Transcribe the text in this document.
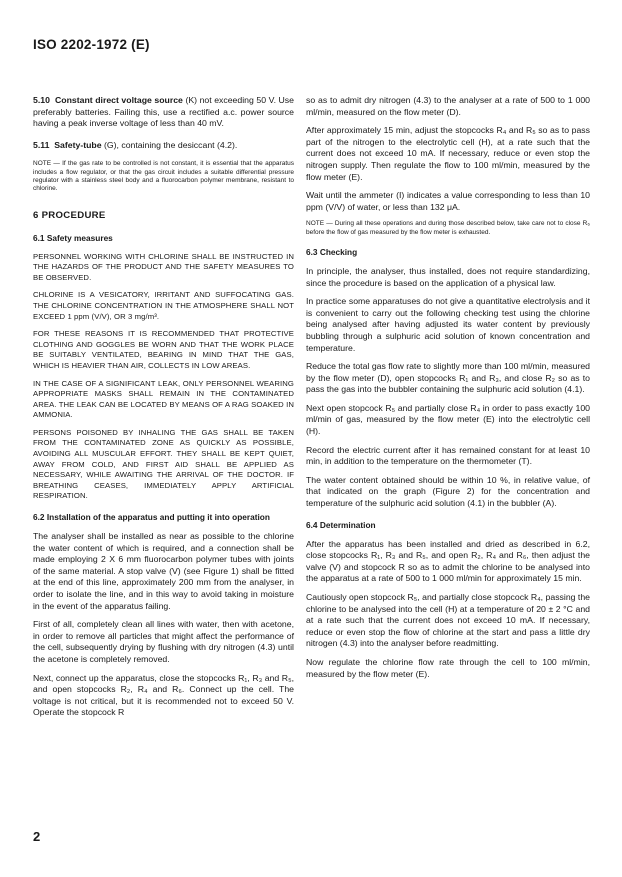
ISO 2202-1972 (E)

5.10 Constant direct voltage source (K) not exceeding 50 V. Use preferably batteries. Failing this, use a rectified a.c. power source having a peak inverse voltage of less than 40 mV.

5.11 Safety-tube (G), containing the desiccant (4.2).

NOTE — If the gas rate to be controlled is not constant, it is essential that the apparatus includes a flow regulator, or that the gas circuit includes a suitable differential pressure regulator with a stainless steel body and a fluorocarbon polymer membrane, resistant to chlorine.

6 PROCEDURE
6.1 Safety measures

PERSONNEL WORKING WITH CHLORINE SHALL BE INSTRUCTED IN THE HAZARDS OF THE PRODUCT AND THE SAFETY MEASURES TO BE OBSERVED.

CHLORINE IS A VESICATORY, IRRITANT AND SUFFOCATING GAS. THE CHLORINE CONCENTRATION IN THE ATMOSPHERE SHALL NOT EXCEED 1 ppm (V/V), OR 3 mg/m³.

FOR THESE REASONS IT IS RECOMMENDED THAT PROTECTIVE CLOTHING AND GOGGLES BE WORN AND THAT THE WORK PLACE BE SUITABLY VENTILATED, BEARING IN MIND THAT THE GAS, WHICH IS HEAVIER THAN AIR, COLLECTS IN LOW AREAS.

IN THE CASE OF A SIGNIFICANT LEAK, ONLY PERSONNEL WEARING APPROPRIATE MASKS SHALL REMAIN IN THE CONTAMINATED AREA. THE LEAK CAN BE LOCATED BY MEANS OF A RAG SOAKED IN AMMONIA.

PERSONS POISONED BY INHALING THE GAS SHALL BE TAKEN FROM THE CONTAMINATED ZONE AS QUICKLY AS POSSIBLE, AVOIDING ALL MUSCULAR EFFORT. THEY SHALL BE KEPT QUIET, AWAY FROM COLD, AND FIRST AID SHALL BE APPLIED AS NECESSARY, WHILE AWAITING THE ARRIVAL OF THE DOCTOR. IF BREATHING CEASES, IMMEDIATELY APPLY ARTIFICIAL RESPIRATION.

6.2 Installation of the apparatus and putting it into operation

The analyser shall be installed as near as possible to the chlorine the water content of which is required, and a connection shall be made employing 2 X 6 mm fluorocarbon polymer tubes with joints of the same material. A stop valve (V) (see Figure 1) shall be fitted at the end of this line, approximately 200 mm from the analyser, in order to isolate the line, and in this way to avoid taking in moisture in the event of the apparatus failing.

First of all, completely clean all lines with water, then with acetone, in order to remove all particles that might affect the performance of the cell, subsequently drying by flushing with dry nitrogen (4.3) until the acetone is completely removed.

Next, connect up the apparatus, close the stopcocks R₁, R₃ and R₅, and open stopcocks R₂, R₄ and R₆. Connect up the cell. The voltage is not critical, but it is recommended not to exceed 50 V. Operate the stopcock R

so as to admit dry nitrogen (4.3) to the analyser at a rate of 500 to 1 000 ml/min, measured on the flow meter (D).

After approximately 15 min, adjust the stopcocks R₄ and R₅ so as to pass part of the nitrogen to the electrolytic cell (H), at a rate such that the current does not exceed 10 mA. If necessary, reduce or even stop the nitrogen supply. Then regulate the flow to 100 ml/min, measured by the flow meter (E).

Wait until the ammeter (I) indicates a value corresponding to less than 10 ppm (V/V) of water, or less than 132 μA.

NOTE — During all these operations and during those described below, take care not to close R₆ before the flow of gas measured by the flow meter is exhausted.

6.3 Checking

In principle, the analyser, thus installed, does not require standardizing, since the procedure is based on the application of a physical law.

In practice some apparatuses do not give a quantitative electrolysis and it is convenient to carry out the following checking test using the chlorine being analysed after having adjusted its water content by previously bubbling through a sulphuric acid solution of known concentration and temperature.

Reduce the total gas flow rate to slightly more than 100 ml/min, measured by the flow meter (D), open stopcocks R₁ and R₃, and close R₂ so as to pass the gas into the bubbler containing the sulphuric acid solution (4.1).

Next open stopcock R₅ and partially close R₄ in order to pass exactly 100 ml/min of gas, measured by the flow meter (E) into the electrolytic cell (H).

Record the electric current after it has remained constant for at least 10 min, in addition to the temperature on the thermometer (T).

The water content obtained should be within 10 %, in relative value, of that indicated on the graph (Figure 2) for the concentration and temperature of the sulphuric acid solution (4.1) in the bubbler (A).

6.4 Determination

After the apparatus has been installed and dried as described in 6.2, close stopcocks R₁, R₃ and R₅, and open R₂, R₄ and R₆, then adjust the valve (V) and stopcock R so as to admit the chlorine to be analysed into the apparatus at a rate of 500 to 1 000 ml/min for approximately 15 min.

Cautiously open stopcock R₅, and partially close stopcock R₄, passing the chlorine to be analysed into the cell (H) at a temperature of 20 ± 2 °C and at a rate such that the current does not exceed 10 mA. If necessary, reduce or even stop the flow of chlorine at the start and pass a little dry nitrogen (4.3) into the analyser before readmitting.

Now regulate the chlorine flow rate through the cell to 100 ml/min, measured by the flow meter (E).

2
